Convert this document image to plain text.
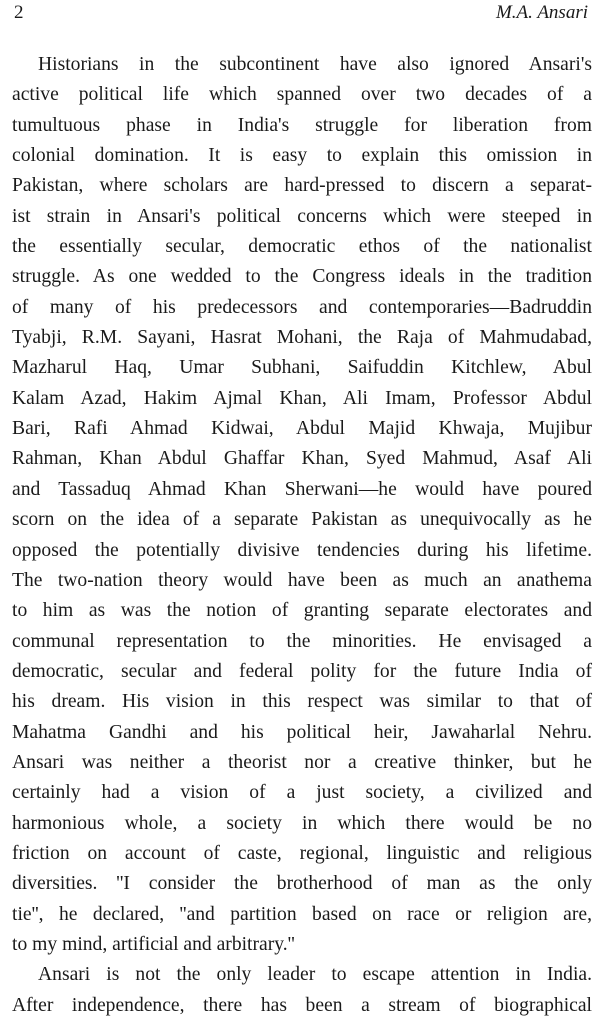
2	M.A. Ansari
Historians in the subcontinent have also ignored Ansari's
active political life which spanned over two decades of a
tumultuous phase in India's struggle for liberation from
colonial domination. It is easy to explain this omission in
Pakistan, where scholars are hard-pressed to discern a separat-
ist strain in Ansari's political concerns which were steeped in
the essentially secular, democratic ethos of the nationalist
struggle. As one wedded to the Congress ideals in the tradition
of many of his predecessors and contemporaries—Badruddin
Tyabji, R.M. Sayani, Hasrat Mohani, the Raja of Mahmudabad,
Mazharul Haq, Umar Subhani, Saifuddin Kitchlew, Abul
Kalam Azad, Hakim Ajmal Khan, Ali Imam, Professor Abdul
Bari, Rafi Ahmad Kidwai, Abdul Majid Khwaja, Mujibur
Rahman, Khan Abdul Ghaffar Khan, Syed Mahmud, Asaf Ali
and Tassaduq Ahmad Khan Sherwani—he would have poured
scorn on the idea of a separate Pakistan as unequivocally as he
opposed the potentially divisive tendencies during his lifetime.
The two-nation theory would have been as much an anathema
to him as was the notion of granting separate electorates and
communal representation to the minorities. He envisaged a
democratic, secular and federal polity for the future India of
his dream. His vision in this respect was similar to that of
Mahatma Gandhi and his political heir, Jawaharlal Nehru.
Ansari was neither a theorist nor a creative thinker, but he
certainly had a vision of a just society, a civilized and
harmonious whole, a society in which there would be no
friction on account of caste, regional, linguistic and religious
diversities. ''I consider the brotherhood of man as the only
tie'', he declared, ''and partition based on race or religion are,
to my mind, artificial and arbitrary.''
Ansari is not the only leader to escape attention in India.
After independence, there has been a stream of biographical
